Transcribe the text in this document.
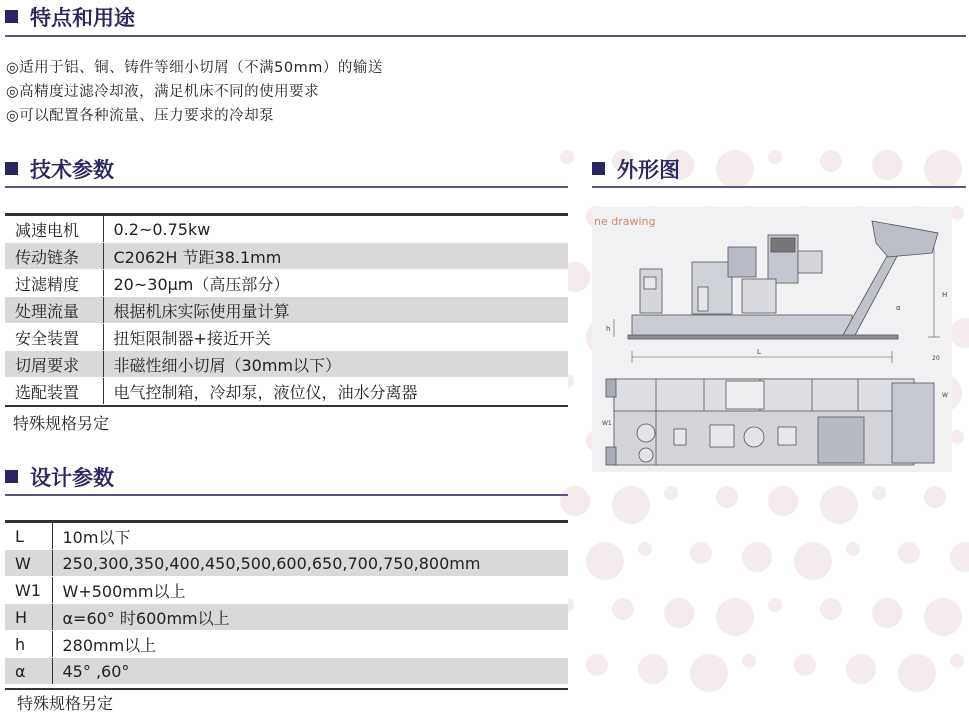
特点和用途
◎适用于铝、铜、铸件等细小切屑（不满50mm）的输送
◎高精度过滤冷却液，满足机床不同的使用要求
◎可以配置各种流量、压力要求的冷却泵
技术参数
减速电机	0.2~0.75kw
传动链条	C2062H 节距38.1mm
过滤精度	20~30μm（高压部分）
处理流量	根据机床实际使用量计算
安全装置	扭矩限制器+接近开关
切屑要求	非磁性细小切屑（30mm以下）
选配装置	电气控制箱，冷却泵，液位仪，油水分离器
特殊规格另定
设计参数
L	10m以下
W	250,300,350,400,450,500,600,650,700,750,800mm
W1	W+500mm以上
H	α=60° 时600mm以上
h	280mm以上
α	45° ,60°
特殊规格另定
外形图
ne drawing
L
H
h
α
20
W1
W
